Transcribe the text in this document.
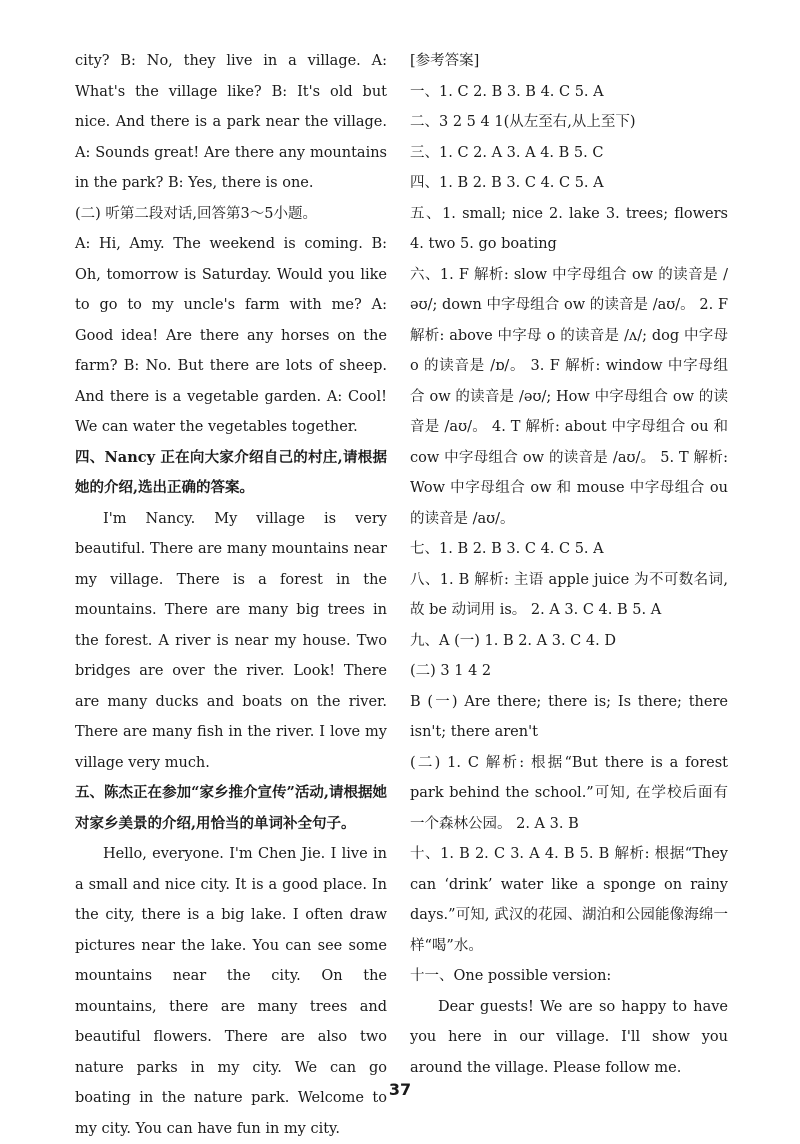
city? B: No, they live in a village. A: What's the village like? B: It's old but nice. And there is a park near the village. A: Sounds great! Are there any mountains in the park? B: Yes, there is one.

(二) 听第二段对话,回答第3～5小题。

A: Hi, Amy. The weekend is coming. B: Oh, tomorrow is Saturday. Would you like to go to my uncle's farm with me? A: Good idea! Are there any horses on the farm? B: No. But there are lots of sheep. And there is a vegetable garden. A: Cool! We can water the vegetables together.

四、Nancy 正在向大家介绍自己的村庄,请根据她的介绍,选出正确的答案。

I'm Nancy. My village is very beautiful. There are many mountains near my village. There is a forest in the mountains. There are many big trees in the forest. A river is near my house. Two bridges are over the river. Look! There are many ducks and boats on the river. There are many fish in the river. I love my village very much.

五、陈杰正在参加“家乡推介宣传”活动,请根据她对家乡美景的介绍,用恰当的单词补全句子。

Hello, everyone. I'm Chen Jie. I live in a small and nice city. It is a good place. In the city, there is a big lake. I often draw pictures near the lake. You can see some mountains near the city. On the mountains, there are many trees and beautiful flowers. There are also two nature parks in my city. We can go boating in the nature park. Welcome to my city. You can have fun in my city.

[参考答案]

一、1. C 2. B 3. B 4. C 5. A

二、3 2 5 4 1(从左至右,从上至下)

三、1. C 2. A 3. A 4. B 5. C

四、1. B 2. B 3. C 4. C 5. A

五、1. small; nice 2. lake 3. trees; flowers 4. two 5. go boating

六、1. F 解析: slow 中字母组合 ow 的读音是 /əʊ/; down 中字母组合 ow 的读音是 /aʊ/。 2. F 解析: above 中字母 o 的读音是 /ʌ/; dog 中字母 o 的读音是 /ɒ/。 3. F 解析: window 中字母组合 ow 的读音是 /əʊ/; How 中字母组合 ow 的读音是 /aʊ/。 4. T 解析: about 中字母组合 ou 和 cow 中字母组合 ow 的读音是 /aʊ/。 5. T 解析: Wow 中字母组合 ow 和 mouse 中字母组合 ou 的读音是 /aʊ/。

七、1. B 2. B 3. C 4. C 5. A

八、1. B 解析: 主语 apple juice 为不可数名词, 故 be 动词用 is。 2. A 3. C 4. B 5. A

九、A (一) 1. B 2. A 3. C 4. D

(二) 3 1 4 2

B (一) Are there; there is; Is there; there isn't; there aren't

(二) 1. C 解析: 根据“But there is a forest park behind the school.”可知, 在学校后面有一个森林公园。 2. A 3. B

十、1. B 2. C 3. A 4. B 5. B 解析: 根据“They can ‘drink’ water like a sponge on rainy days.”可知, 武汉的花园、湖泊和公园能像海绵一样“喝”水。

十一、One possible version:

Dear guests! We are so happy to have you here in our village. I'll show you around the village. Please follow me.

37
